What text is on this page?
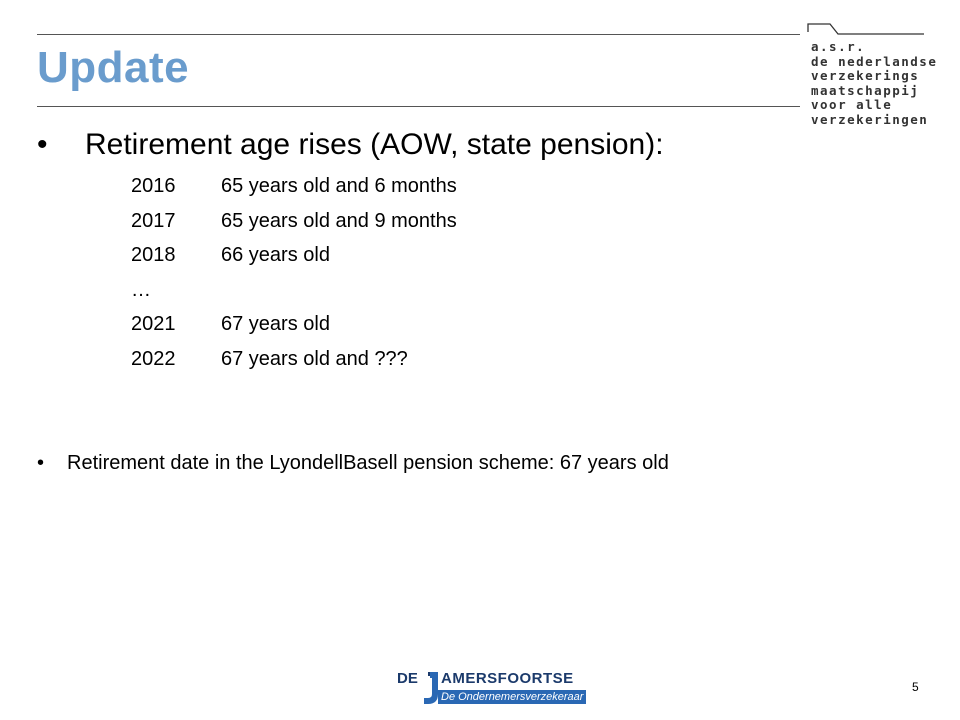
Update	a.s.r.
de nederlandse
verzekerings
maatschappij
voor alle
verzekeringen
• Retirement age rises (AOW, state pension):
2016 65 years old and 6 months
2017 65 years old and 9 months
2018 66 years old
…
2021 67 years old
2022 67 years old and ???
• Retirement date in the LyondellBasell pension scheme: 67 years old
DE AMERSFOORTSE
De Ondernemersverzekeraar
5
